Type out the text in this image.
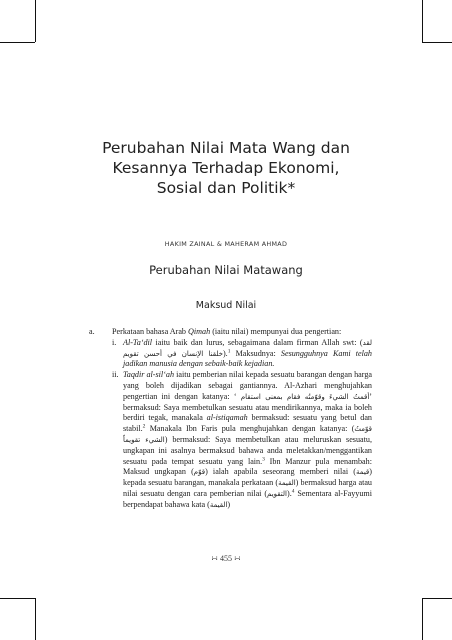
Perubahan Nilai Mata Wang dan
Kesannya Terhadap Ekonomi,
Sosial dan Politik*
HAKIM ZAINAL & MAHERAM AHMAD
Perubahan Nilai Matawang
Maksud Nilai
a. Perkataan bahasa Arab Qimah (iaitu nilai) mempunyai dua pengertian:

i. Al-Ta‘dil iaitu baik dan lurus, sebagaimana dalam firman Allah swt: (لقد خلقنا الإنسان في أحسن تقويم).$^1$ Maksudnya: Sesungguhnya Kami telah jadikan manusia dengan sebaik-baik kejadian.

ii. Taqdir al-sil‘ah iaitu pemberian nilai kepada sesuatu barangan dengan harga yang boleh dijadikan sebagai gantiannya. Al-Azhari menghujahkan pengertian ini dengan katanya: ‘ أقمتُ الشيءَ وقوّمتُه فقام بمعنى استقام’ bermaksud: Saya membetulkan sesuatu atau mendirikannya, maka ia boleh berdiri tegak, manakala al-istiqamah bermaksud: sesuatu yang betul dan stabil.$^2$ Manakala Ibn Faris pula menghujahkan dengan katanya: (قوّمتُ الشيء تقويماً) bermaksud: Saya membetulkan atau meluruskan sesuatu, ungkapan ini asalnya bermaksud bahawa anda meletakkan/menggantikan sesuatu pada tempat sesuatu yang lain.$^3$ Ibn Manzur pula menambah: Maksud ungkapan (قوّم) ialah apabila seseorang memberi nilai (قيمة) kepada sesuatu barangan, manakala perkataan (القيمة) bermaksud harga atau nilai sesuatu dengan cara pemberian nilai (التقويم).$^4$ Sementara al-Fayyumi berpendapat bahawa kata (القيمة)

∺ 455 ∺
